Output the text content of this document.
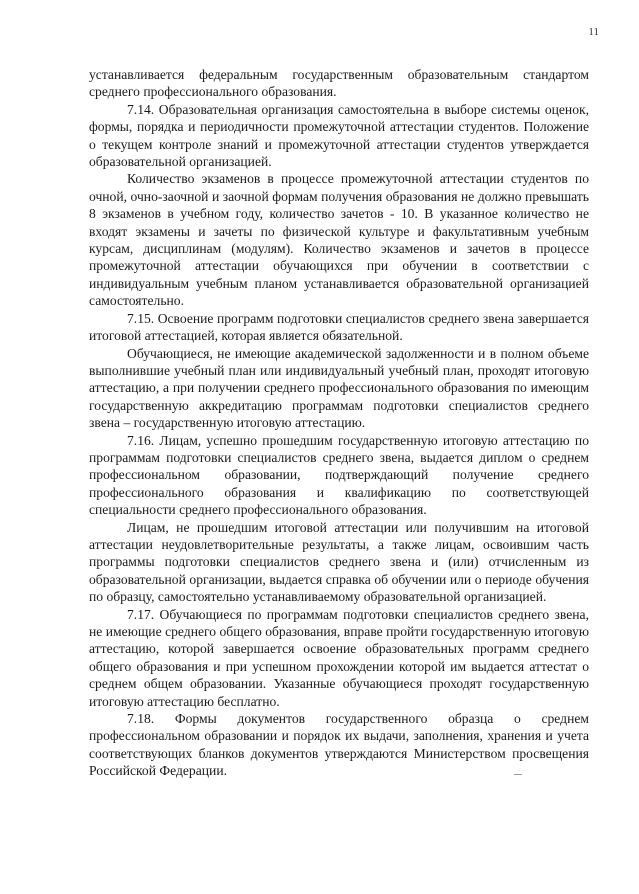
11

устанавливается федеральным государственным образовательным стандартом среднего профессионального образования.

7.14. Образовательная организация самостоятельна в выборе системы оценок, формы, порядка и периодичности промежуточной аттестации студентов. Положение о текущем контроле знаний и промежуточной аттестации студентов утверждается образовательной организацией.

Количество экзаменов в процессе промежуточной аттестации студентов по очной, очно-заочной и заочной формам получения образования не должно превышать 8 экзаменов в учебном году, количество зачетов - 10. В указанное количество не входят экзамены и зачеты по физической культуре и факультативным учебным курсам, дисциплинам (модулям). Количество экзаменов и зачетов в процессе промежуточной аттестации обучающихся при обучении в соответствии с индивидуальным учебным планом устанавливается образовательной организацией самостоятельно.

7.15. Освоение программ подготовки специалистов среднего звена завершается итоговой аттестацией, которая является обязательной.

Обучающиеся, не имеющие академической задолженности и в полном объеме выполнившие учебный план или индивидуальный учебный план, проходят итоговую аттестацию, а при получении среднего профессионального образования по имеющим государственную аккредитацию программам подготовки специалистов среднего звена – государственную итоговую аттестацию.

7.16. Лицам, успешно прошедшим государственную итоговую аттестацию по программам подготовки специалистов среднего звена, выдается диплом о среднем профессиональном образовании, подтверждающий получение среднего профессионального образования и квалификацию по соответствующей специальности среднего профессионального образования.

Лицам, не прошедшим итоговой аттестации или получившим на итоговой аттестации неудовлетворительные результаты, а также лицам, освоившим часть программы подготовки специалистов среднего звена и (или) отчисленным из образовательной организации, выдается справка об обучении или о периоде обучения по образцу, самостоятельно устанавливаемому образовательной организацией.

7.17. Обучающиеся по программам подготовки специалистов среднего звена, не имеющие среднего общего образования, вправе пройти государственную итоговую аттестацию, которой завершается освоение образовательных программ среднего общего образования и при успешном прохождении которой им выдается аттестат о среднем общем образовании. Указанные обучающиеся проходят государственную итоговую аттестацию бесплатно.

7.18. Формы документов государственного образца о среднем профессиональном образовании и порядок их выдачи, заполнения, хранения и учета соответствующих бланков документов утверждаются Министерством просвещения Российской Федерации.
